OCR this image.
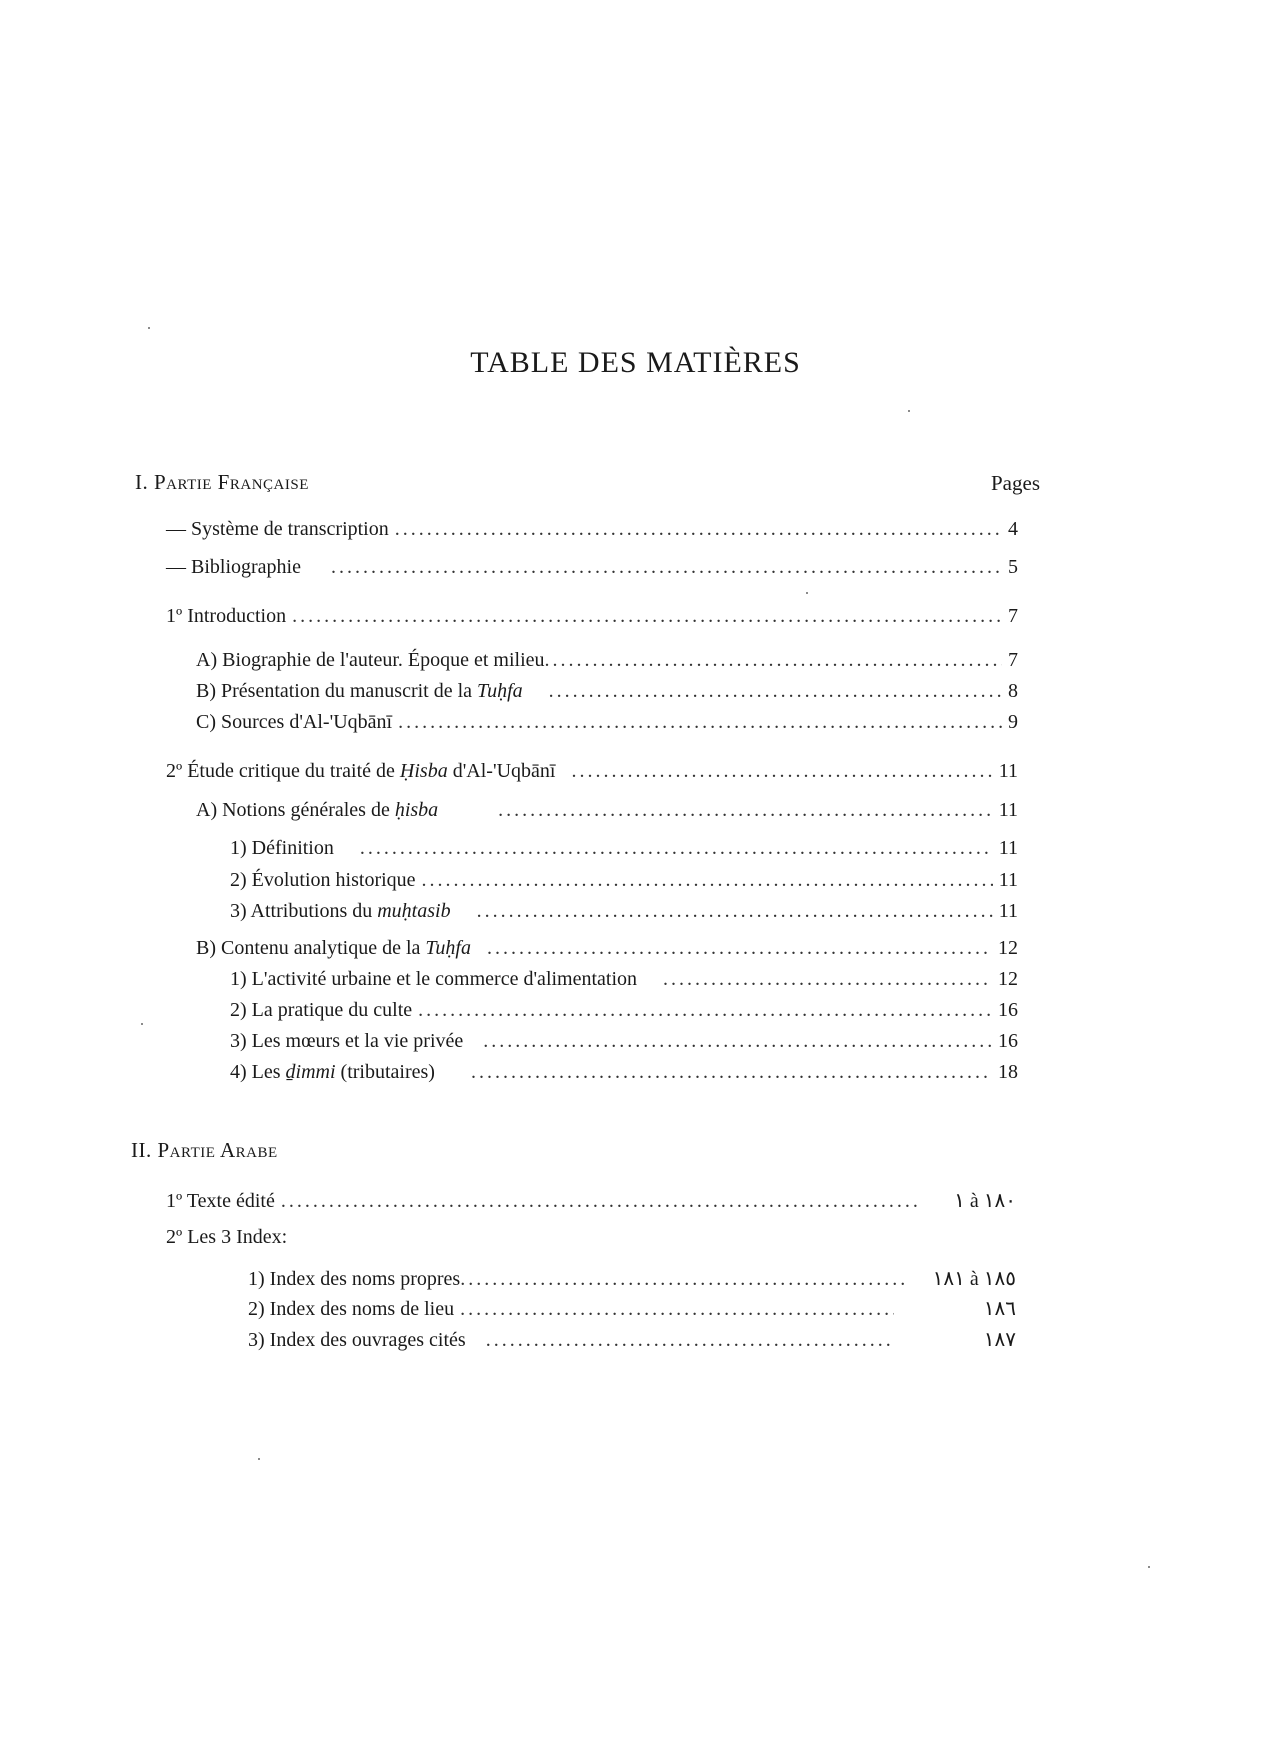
TABLE DES MATIÈRES
I. Partie Française	Pages
— Système de transcription .....	4
— Bibliographie .....	5
1º Introduction .....	7
A) Biographie de l'auteur. Époque et milieu .....	7
B) Présentation du manuscrit de la Tuḥfa .....	8
C) Sources d'Al-'Uqbānī .....	9
2º Étude critique du traité de Ḥisba d'Al-'Uqbānī .....	11
A) Notions générales de ḥisba .....	11
1) Définition .....	11
2) Évolution historique .....	11
3) Attributions du muḥtasib .....	11
B) Contenu analytique de la Tuḥfa .....	12
1) L'activité urbaine et le commerce d'alimentation .....	12
2) La pratique du culte .....	16
3) Les mœurs et la vie privée .....	16
4) Les ḏimmi (tributaires) .....	18
II. Partie Arabe
1º Texte édité .....	١ à ١٨٠
2º Les 3 Index:
1) Index des noms propres .....	١٨١ à ١٨٥
2) Index des noms de lieu .....	١٨٦
3) Index des ouvrages cités .....	١٨٧
